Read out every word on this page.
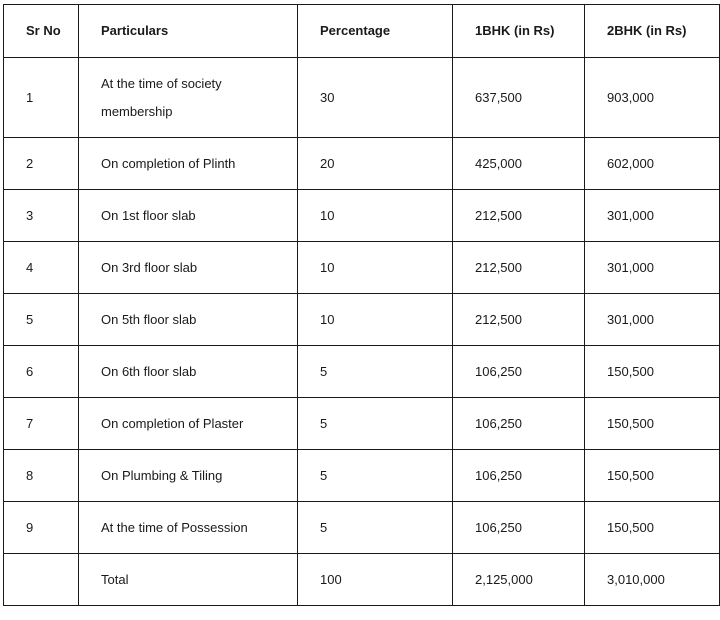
Sr No	Particulars	Percentage	1BHK (in Rs)	2BHK (in Rs)
1	At the time of society membership	30	637,500	903,000
2	On completion of Plinth	20	425,000	602,000
3	On 1st floor slab	10	212,500	301,000
4	On 3rd floor slab	10	212,500	301,000
5	On 5th floor slab	10	212,500	301,000
6	On 6th floor slab	5	106,250	150,500
7	On completion of Plaster	5	106,250	150,500
8	On Plumbing & Tiling	5	106,250	150,500
9	At the time of Possession	5	106,250	150,500
	Total	100	2,125,000	3,010,000
